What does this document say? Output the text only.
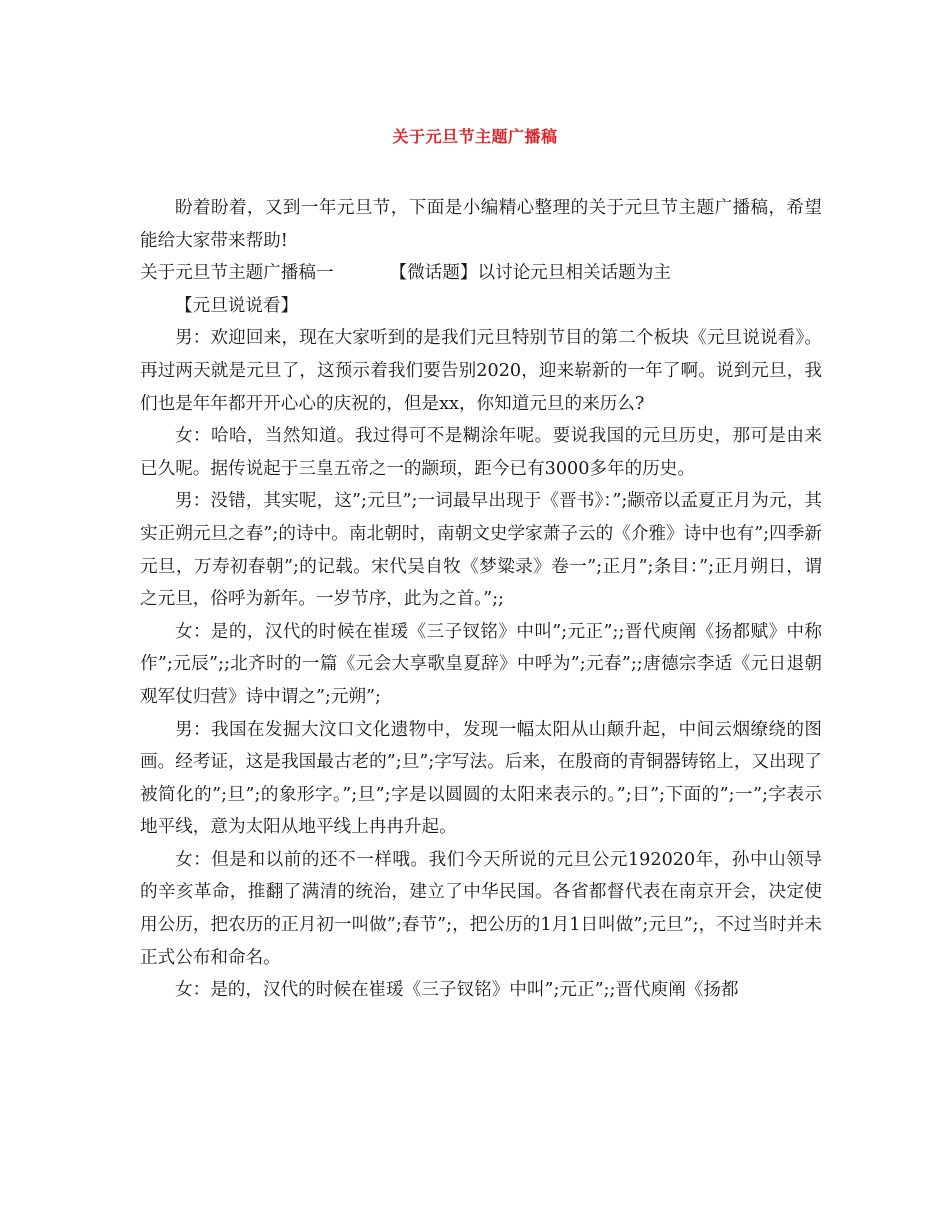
关于元旦节主题广播稿

盼着盼着，又到一年元旦节，下面是小编精心整理的关于元旦节主题广播稿，希望能给大家带来帮助!

关于元旦节主题广播稿一	【微话题】以讨论元旦相关话题为主

【元旦说说看】

男：欢迎回来，现在大家听到的是我们元旦特别节目的第二个板块《元旦说说看》。再过两天就是元旦了，这预示着我们要告别2020，迎来崭新的一年了啊。说到元旦，我们也是年年都开开心心的庆祝的，但是xx，你知道元旦的来历么?

女：哈哈，当然知道。我过得可不是糊涂年呢。要说我国的元旦历史，那可是由来已久呢。据传说起于三皇五帝之一的颛顼，距今已有3000多年的历史。

男：没错，其实呢，这”;元旦”;一词最早出现于《晋书》：”;颛帝以孟夏正月为元，其实正朔元旦之春”;的诗中。南北朝时，南朝文史学家萧子云的《介雅》诗中也有”;四季新元旦，万寿初春朝”;的记载。宋代吴自牧《梦粱录》卷一”;正月”;条目：”;正月朔日，谓之元旦，俗呼为新年。一岁节序，此为之首。”;;

女：是的，汉代的时候在崔瑗《三子钗铭》中叫”;元正”;;晋代庾阐《扬都赋》中称作”;元辰”;;北齐时的一篇《元会大享歌皇夏辞》中呼为”;元春”;;唐德宗李适《元日退朝观军仗归营》诗中谓之”;元朔”;

男：我国在发掘大汶口文化遗物中，发现一幅太阳从山颠升起，中间云烟缭绕的图画。经考证，这是我国最古老的”;旦”;字写法。后来，在殷商的青铜器铸铭上，又出现了被简化的”;旦”;的象形字。”;旦”;字是以圆圆的太阳来表示的。”;日”;下面的”;一”;字表示地平线，意为太阳从地平线上冉冉升起。

女：但是和以前的还不一样哦。我们今天所说的元旦公元192020年，孙中山领导的辛亥革命，推翻了满清的统治，建立了中华民国。各省都督代表在南京开会，决定使用公历，把农历的正月初一叫做”;春节”;，把公历的1月1日叫做”;元旦”;，不过当时并未正式公布和命名。

女：是的，汉代的时候在崔瑗《三子钗铭》中叫”;元正”;;晋代庾阐《扬都
